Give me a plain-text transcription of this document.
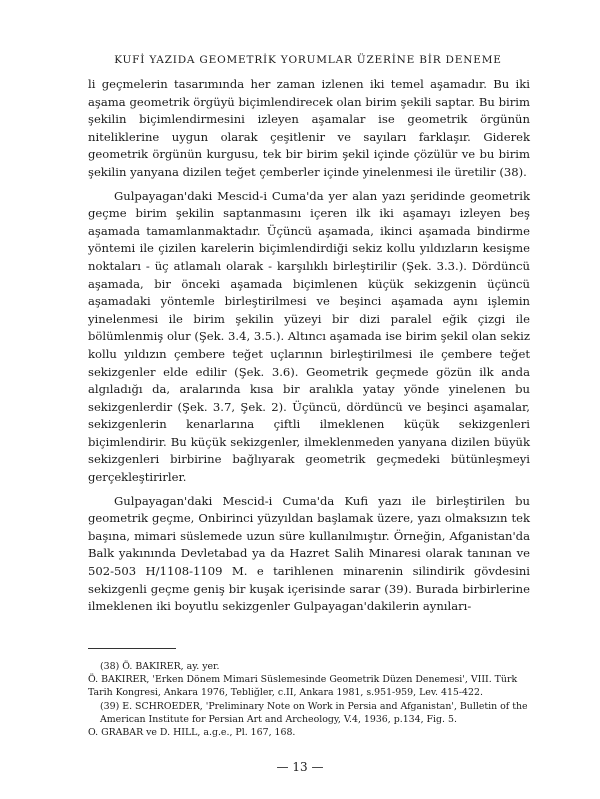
KUFİ YAZIDA GEOMETRİK YORUMLAR ÜZERİNE BİR DENEME

li geçmelerin tasarımında her zaman izlenen iki temel aşamadır. Bu iki aşama geometrik örgüyü biçimlendirecek olan birim şekili saptar. Bu birim şekilin biçimlendirmesini izleyen aşamalar ise geometrik örgünün niteliklerine uygun olarak çeşitlenir ve sayıları farklaşır. Giderek geometrik örgünün kurgusu, tek bir birim şekil içinde çözülür ve bu birim şekilin yanyana dizilen teğet çemberler içinde yinelenmesi ile üretilir (38).

Gulpayagan'daki Mescid-i Cuma'da yer alan yazı şeridinde geometrik geçme birim şekilin saptanmasını içeren ilk iki aşamayı izleyen beş aşamada tamamlanmaktadır. Üçüncü aşamada, ikinci aşamada bindirme yöntemi ile çizilen karelerin biçimlendirdiği sekiz kollu yıldızların kesişme noktaları - üç atlamalı olarak - karşılıklı birleştirilir (Şek. 3.3.). Dördüncü aşamada, bir önceki aşamada biçimlenen küçük sekizgenin üçüncü aşamadaki yöntemle birleştirilmesi ve beşinci aşamada aynı işlemin yinelenmesi ile birim şekilin yüzeyi bir dizi paralel eğik çizgi ile bölümlenmiş olur (Şek. 3.4, 3.5.). Altıncı aşamada ise birim şekil olan sekiz kollu yıldızın çembere teğet uçlarının birleştirilmesi ile çembere teğet sekizgenler elde edilir (Şek. 3.6). Geometrik geçmede gözün ilk anda algıladığı da, aralarında kısa bir aralıkla yatay yönde yinelenen bu sekizgenlerdir (Şek. 3.7, Şek. 2). Üçüncü, dördüncü ve beşinci aşamalar, sekizgenlerin kenarlarına çiftli ilmeklenen küçük sekizgenleri biçimlendirir. Bu küçük sekizgenler, ilmeklenmeden yanyana dizilen büyük sekizgenleri birbirine bağlıyarak geometrik geçmedeki bütünleşmeyi gerçekleştirirler.

Gulpayagan'daki Mescid-i Cuma'da Kufi yazı ile birleştirilen bu geometrik geçme, Onbirinci yüzyıldan başlamak üzere, yazı olmaksızın tek başına, mimari süslemede uzun süre kullanılmıştır. Örneğin, Afganistan'da Balk yakınında Devletabad ya da Hazret Salih Minaresi olarak tanınan ve 502-503 H/1108-1109 M. e tarihlenen minarenin silindirik gövdesini sekizgenli geçme geniş bir kuşak içerisinde sarar (39). Burada birbirlerine ilmeklenen iki boyutlu sekizgenler Gulpayagan'dakilerin aynıları-

(38) Ö. BAKIRER, ay. yer.

Ö. BAKIRER, 'Erken Dönem Mimari Süslemesinde Geometrik Düzen Denemesi', VIII. Türk Tarih Kongresi, Ankara 1976, Tebliğler, c.II, Ankara 1981, s.951-959, Lev. 415-422.

(39) E. SCHROEDER, 'Preliminary Note on Work in Persia and Afganistan', Bulletin of the American Institute for Persian Art and Archeology, V.4, 1936, p.134, Fig. 5.

O. GRABAR ve D. HILL, a.g.e., Pl. 167, 168.

— 13 —
